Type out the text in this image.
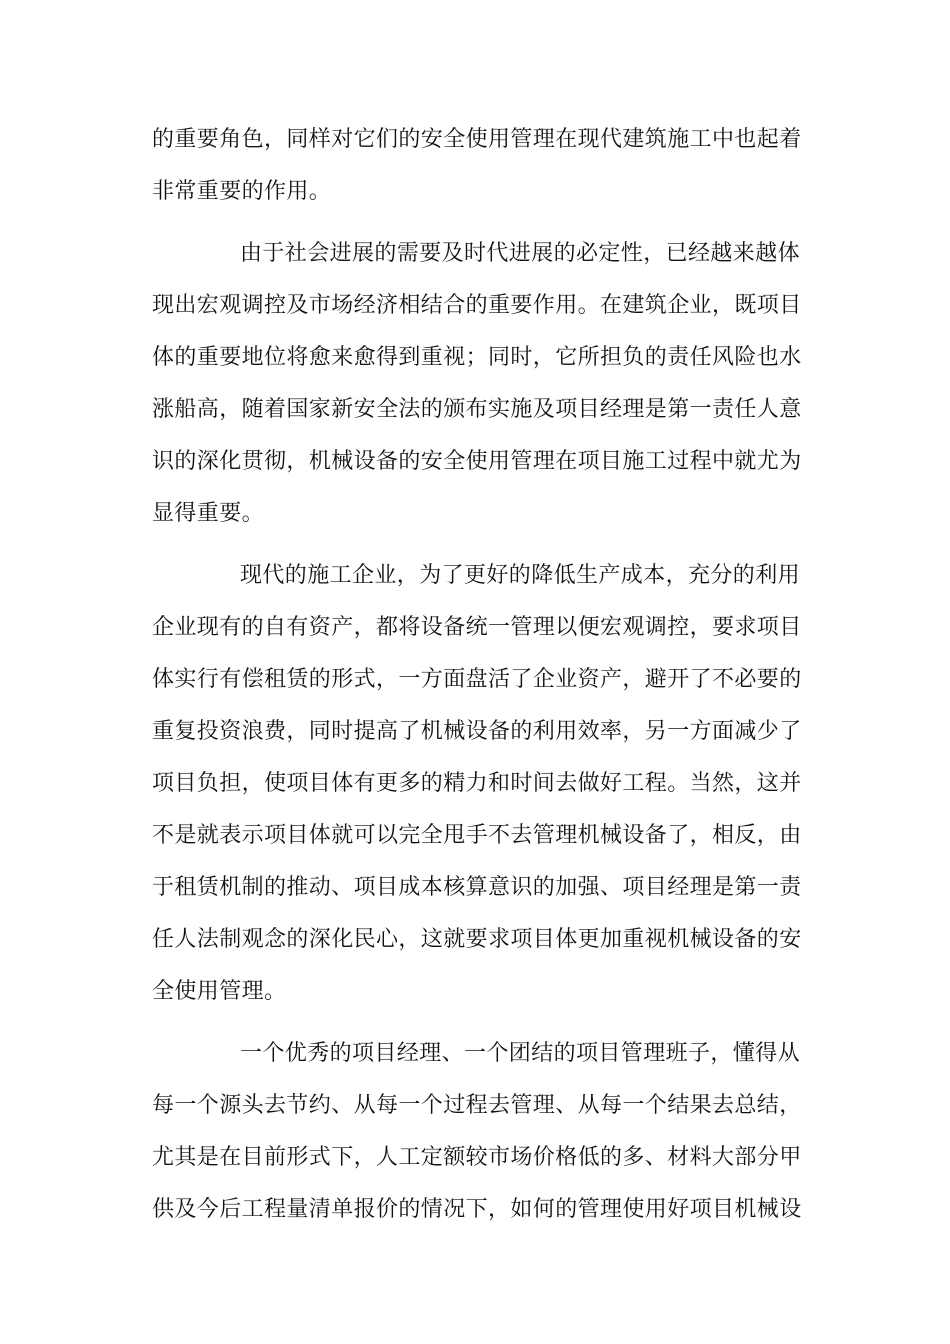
的重要角色，同样对它们的安全使用管理在现代建筑施工中也起着
非常重要的作用。
由于社会进展的需要及时代进展的必定性，已经越来越体
现出宏观调控及市场经济相结合的重要作用。在建筑企业，既项目
体的重要地位将愈来愈得到重视；同时，它所担负的责任风险也水
涨船高，随着国家新安全法的颁布实施及项目经理是第一责任人意
识的深化贯彻，机械设备的安全使用管理在项目施工过程中就尤为
显得重要。
现代的施工企业，为了更好的降低生产成本，充分的利用
企业现有的自有资产，都将设备统一管理以便宏观调控，要求项目
体实行有偿租赁的形式，一方面盘活了企业资产，避开了不必要的
重复投资浪费，同时提高了机械设备的利用效率，另一方面减少了
项目负担，使项目体有更多的精力和时间去做好工程。当然，这并
不是就表示项目体就可以完全甩手不去管理机械设备了，相反，由
于租赁机制的推动、项目成本核算意识的加强、项目经理是第一责
任人法制观念的深化民心，这就要求项目体更加重视机械设备的安
全使用管理。
一个优秀的项目经理、一个团结的项目管理班子，懂得从
每一个源头去节约、从每一个过程去管理、从每一个结果去总结，
尤其是在目前形式下，人工定额较市场价格低的多、材料大部分甲
供及今后工程量清单报价的情况下，如何的管理使用好项目机械设
